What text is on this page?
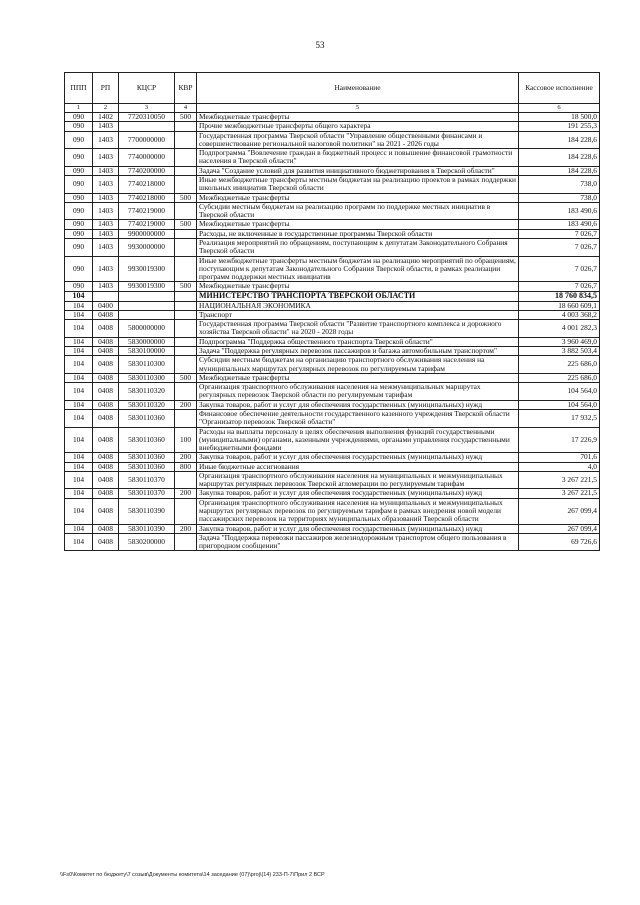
53
ППП	РП	КЦСР	КВР	Наименование	Кассовое исполнение
1	2	3	4	5	6
090	1402	7720310050	500	Межбюджетные трансферты	18 500,0
090	1403			Прочие межбюджетные трансферты общего характера	191 255,3
090	1403	7700000000		Государственная программа Тверской области "Управление общественными финансами и совершенствование региональной налоговой политики" на 2021 - 2026 годы	184 228,6
090	1403	7740000000		Подпрограмма "Вовлечение граждан в бюджетный процесс и повышение финансовой грамотности населения в Тверской области"	184 228,6
090	1403	7740200000		Задача "Создание условий для развития инициативного бюджетирования в Тверской области"	184 228,6
090	1403	7740218000		Иные межбюджетные трансферты местным бюджетам на реализацию проектов в рамках поддержки школьных инициатив Тверской области	738,0
090	1403	7740218000	500	Межбюджетные трансферты	738,0
090	1403	7740219000		Субсидии местным бюджетам на реализацию программ по поддержке местных инициатив в Тверской области	183 490,6
090	1403	7740219000	500	Межбюджетные трансферты	183 490,6
090	1403	9900000000		Расходы, не включенные в государственные программы Тверской области	7 026,7
090	1403	9930000000		Реализация мероприятий по обращениям, поступающим к депутатам Законодательного Собрания Тверской области	7 026,7
090	1403	9930019300		Иные межбюджетные трансферты местным бюджетам на реализацию мероприятий по обращениям, поступающим к депутатам Законодательного Собрания Тверской области, в рамках реализации программ поддержки местных инициатив	7 026,7
090	1403	9930019300	500	Межбюджетные трансферты	7 026,7
104				МИНИСТЕРСТВО ТРАНСПОРТА ТВЕРСКОЙ ОБЛАСТИ	18 760 834,5
104	0400			НАЦИОНАЛЬНАЯ ЭКОНОМИКА	18 660 609,1
104	0408			Транспорт	4 003 368,2
104	0408	5800000000		Государственная программа Тверской области "Развитие транспортного комплекса и дорожного хозяйства Тверской области" на 2020 - 2028 годы	4 001 282,3
104	0408	5830000000		Подпрограмма "Поддержка общественного транспорта Тверской области"	3 960 469,0
104	0408	5830100000		Задача "Поддержка регулярных перевозок пассажиров и багажа автомобильным транспортом"	3 882 503,4
104	0408	5830110300		Субсидии местным бюджетам на организацию транспортного обслуживания населения на муниципальных маршрутах регулярных перевозок по регулируемым тарифам	225 686,0
104	0408	5830110300	500	Межбюджетные трансферты	225 686,0
104	0408	5830110320		Организация транспортного обслуживания населения на межмуниципальных маршрутах регулярных перевозок Тверской области по регулируемым тарифам	104 564,0
104	0408	5830110320	200	Закупка товаров, работ и услуг для обеспечения государственных (муниципальных) нужд	104 564,0
104	0408	5830110360		Финансовое обеспечение деятельности государственного казенного учреждения Тверской области "Организатор перевозок Тверской области"	17 932,5
104	0408	5830110360	100	Расходы на выплаты персоналу в целях обеспечения выполнения функций государственными (муниципальными) органами, казенными учреждениями, органами управления государственными внебюджетными фондами	17 226,9
104	0408	5830110360	200	Закупка товаров, работ и услуг для обеспечения государственных (муниципальных) нужд	701,6
104	0408	5830110360	800	Иные бюджетные ассигнования	4,0
104	0408	5830110370		Организация транспортного обслуживания населения на муниципальных и межмуниципальных маршрутах регулярных перевозок Тверской агломерации по регулируемым тарифам	3 267 221,5
104	0408	5830110370	200	Закупка товаров, работ и услуг для обеспечения государственных (муниципальных) нужд	3 267 221,5
104	0408	5830110390		Организация транспортного обслуживания населения на муниципальных и межмуниципальных маршрутах регулярных перевозок по регулируемым тарифам в рамках внедрения новой модели пассажирских перевозок на территориях муниципальных образований Тверской области	267 099,4
104	0408	5830110390	200	Закупка товаров, работ и услуг для обеспечения государственных (муниципальных) нужд	267 099,4
104	0408	5830200000		Задача "Поддержка перевозки пассажиров железнодорожным транспортом общего пользования в пригородном сообщении"	69 726,6
\\Fs0\Комитет по бюджету\7 созыв\Документы комитета\14 заседание (07)\proj\(14) 233-П-7\Прил 2 ВСР
